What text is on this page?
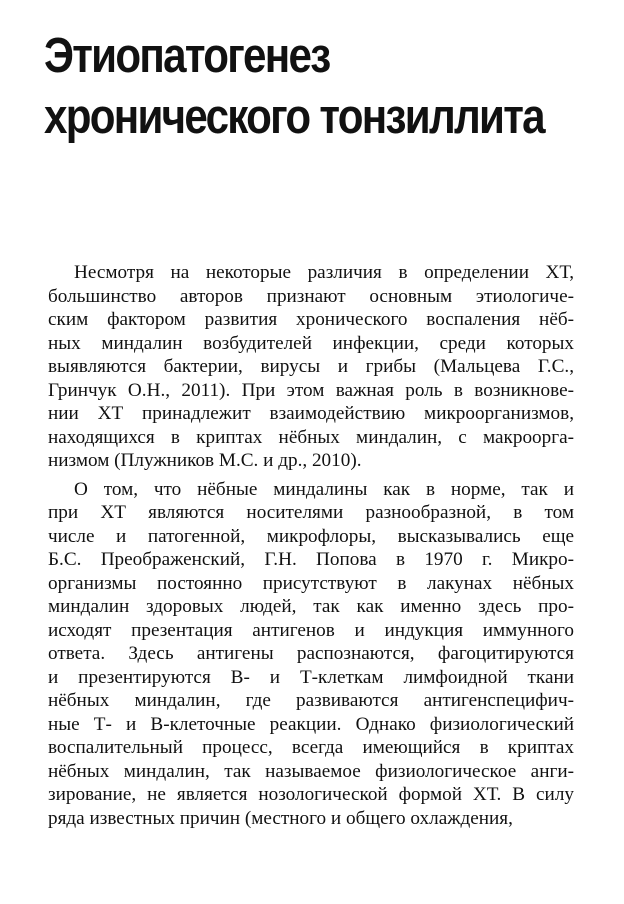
Этиопатогенез
хронического тонзиллита
Несмотря на некоторые различия в определении ХТ,
большинство авторов признают основным этиологиче-
ским фактором развития хронического воспаления нёб-
ных миндалин возбудителей инфекции, среди которых
выявляются бактерии, вирусы и грибы (Мальцева Г.С.,
Гринчук О.Н., 2011). При этом важная роль в возникнове-
нии ХТ принадлежит взаимодействию микроорганизмов,
находящихся в криптах нёбных миндалин, с макроорга-
низмом (Плужников М.С. и др., 2010).
О том, что нёбные миндалины как в норме, так и
при ХТ являются носителями разнообразной, в том
числе и патогенной, микрофлоры, высказывались еще
Б.С. Преображенский, Г.Н. Попова в 1970 г. Микро-
организмы постоянно присутствуют в лакунах нёбных
миндалин здоровых людей, так как именно здесь про-
исходят презентация антигенов и индукция иммунного
ответа. Здесь антигены распознаются, фагоцитируются
и презентируются В- и Т-клеткам лимфоидной ткани
нёбных миндалин, где развиваются антигенспецифич-
ные Т- и В-клеточные реакции. Однако физиологический
воспалительный процесс, всегда имеющийся в криптах
нёбных миндалин, так называемое физиологическое анги-
зирование, не является нозологической формой ХТ. В силу
ряда известных причин (местного и общего охлаждения,
